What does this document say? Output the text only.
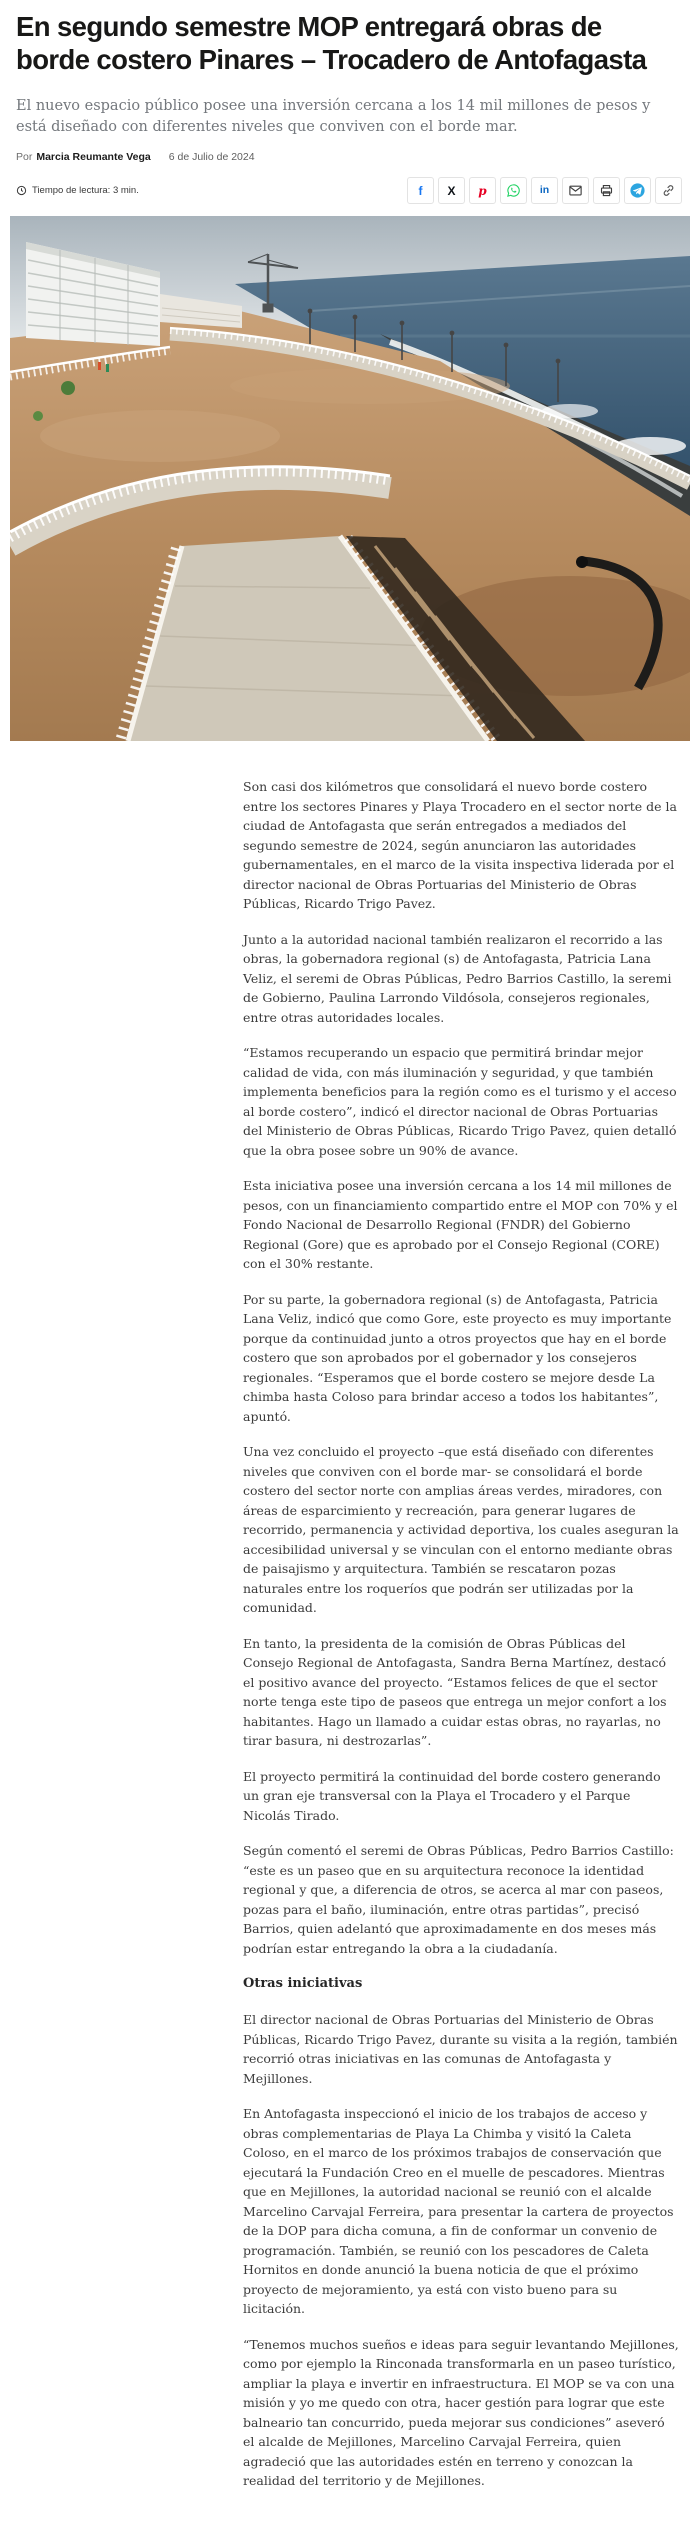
En segundo semestre MOP entregará obras de borde costero Pinares – Trocadero de Antofagasta

El nuevo espacio público posee una inversión cercana a los 14 mil millones de pesos y está diseñado con diferentes niveles que conviven con el borde mar.

Por Marcia Reumante Vega 6 de Julio de 2024
Tiempo de lectura: 3 min.	f X p	in

Son casi dos kilómetros que consolidará el nuevo borde costero entre los sectores Pinares y Playa Trocadero en el sector norte de la ciudad de Antofagasta que serán entregados a mediados del segundo semestre de 2024, según anunciaron las autoridades gubernamentales, en el marco de la visita inspectiva liderada por el director nacional de Obras Portuarias del Ministerio de Obras Públicas, Ricardo Trigo Pavez.

Junto a la autoridad nacional también realizaron el recorrido a las obras, la gobernadora regional (s) de Antofagasta, Patricia Lana Veliz, el seremi de Obras Públicas, Pedro Barrios Castillo, la seremi de Gobierno, Paulina Larrondo Vildósola, consejeros regionales, entre otras autoridades locales.

“Estamos recuperando un espacio que permitirá brindar mejor calidad de vida, con más iluminación y seguridad, y que también implementa beneficios para la región como es el turismo y el acceso al borde costero”, indicó el director nacional de Obras Portuarias del Ministerio de Obras Públicas, Ricardo Trigo Pavez, quien detalló que la obra posee sobre un 90% de avance.

Esta iniciativa posee una inversión cercana a los 14 mil millones de pesos, con un financiamiento compartido entre el MOP con 70% y el Fondo Nacional de Desarrollo Regional (FNDR) del Gobierno Regional (Gore) que es aprobado por el Consejo Regional (CORE) con el 30% restante.

Por su parte, la gobernadora regional (s) de Antofagasta, Patricia Lana Veliz, indicó que como Gore, este proyecto es muy importante porque da continuidad junto a otros proyectos que hay en el borde costero que son aprobados por el gobernador y los consejeros regionales. “Esperamos que el borde costero se mejore desde La chimba hasta Coloso para brindar acceso a todos los habitantes”, apuntó.

Una vez concluido el proyecto –que está diseñado con diferentes niveles que conviven con el borde mar- se consolidará el borde costero del sector norte con amplias áreas verdes, miradores, con áreas de esparcimiento y recreación, para generar lugares de recorrido, permanencia y actividad deportiva, los cuales aseguran la accesibilidad universal y se vinculan con el entorno mediante obras de paisajismo y arquitectura. También se rescataron pozas naturales entre los roqueríos que podrán ser utilizadas por la comunidad.

En tanto, la presidenta de la comisión de Obras Públicas del Consejo Regional de Antofagasta, Sandra Berna Martínez, destacó el positivo avance del proyecto. “Estamos felices de que el sector norte tenga este tipo de paseos que entrega un mejor confort a los habitantes. Hago un llamado a cuidar estas obras, no rayarlas, no tirar basura, ni destrozarlas”.

El proyecto permitirá la continuidad del borde costero generando un gran eje transversal con la Playa el Trocadero y el Parque Nicolás Tirado.

Según comentó el seremi de Obras Públicas, Pedro Barrios Castillo: “este es un paseo que en su arquitectura reconoce la identidad regional y que, a diferencia de otros, se acerca al mar con paseos, pozas para el baño, iluminación, entre otras partidas”, precisó Barrios, quien adelantó que aproximadamente en dos meses más podrían estar entregando la obra a la ciudadanía.

Otras iniciativas

El director nacional de Obras Portuarias del Ministerio de Obras Públicas, Ricardo Trigo Pavez, durante su visita a la región, también recorrió otras iniciativas en las comunas de Antofagasta y Mejillones.

En Antofagasta inspeccionó el inicio de los trabajos de acceso y obras complementarias de Playa La Chimba y visitó la Caleta Coloso, en el marco de los próximos trabajos de conservación que ejecutará la Fundación Creo en el muelle de pescadores. Mientras que en Mejillones, la autoridad nacional se reunió con el alcalde Marcelino Carvajal Ferreira, para presentar la cartera de proyectos de la DOP para dicha comuna, a fin de conformar un convenio de programación. También, se reunió con los pescadores de Caleta Hornitos en donde anunció la buena noticia de que el próximo proyecto de mejoramiento, ya está con visto bueno para su licitación.

“Tenemos muchos sueños e ideas para seguir levantando Mejillones, como por ejemplo la Rinconada transformarla en un paseo turístico, ampliar la playa e invertir en infraestructura. El MOP se va con una misión y yo me quedo con otra, hacer gestión para lograr que este balneario tan concurrido, pueda mejorar sus condiciones” aseveró el alcalde de Mejillones, Marcelino Carvajal Ferreira, quien agradeció que las autoridades estén en terreno y conozcan la realidad del territorio y de Mejillones.
